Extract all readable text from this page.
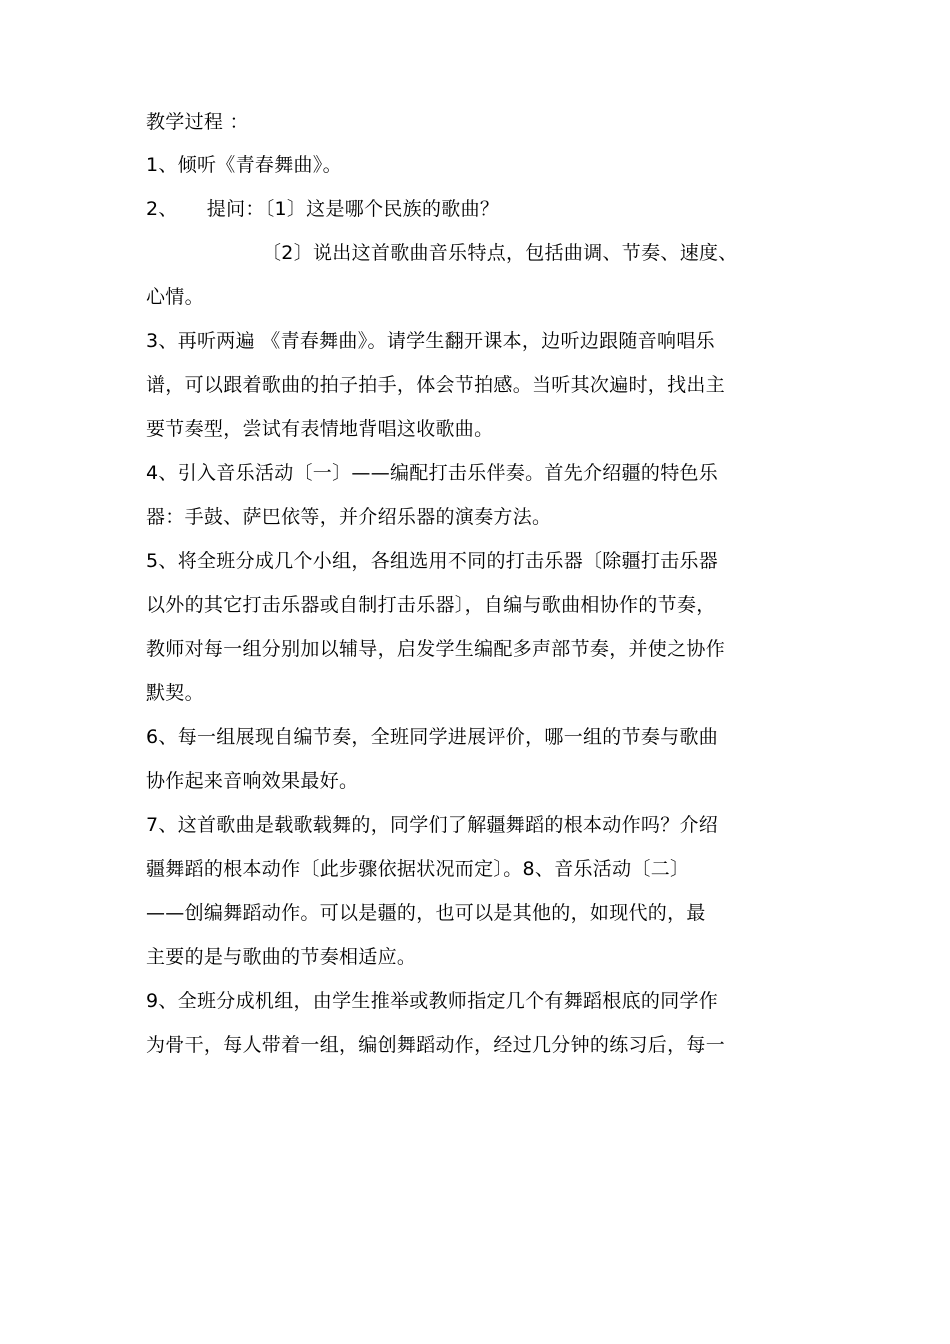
教学过程 ：
1、倾听《青春舞曲》。
2、　　提问：〔1〕这是哪个民族的歌曲？
〔2〕说出这首歌曲音乐特点，包括曲调、节奏、速度、
心情。
3、再听两遍 《青春舞曲》。请学生翻开课本，边听边跟随音响唱乐
谱，可以跟着歌曲的拍子拍手，体会节拍感。当听其次遍时，找出主
要节奏型，尝试有表情地背唱这收歌曲。
4、引入音乐活动〔一〕——编配打击乐伴奏。首先介绍疆的特色乐
器：手鼓、萨巴依等，并介绍乐器的演奏方法。
5、将全班分成几个小组，各组选用不同的打击乐器〔除疆打击乐器
以外的其它打击乐器或自制打击乐器〕，自编与歌曲相协作的节奏，
教师对每一组分别加以辅导，启发学生编配多声部节奏，并使之协作
默契。
6、每一组展现自编节奏，全班同学进展评价，哪一组的节奏与歌曲
协作起来音响效果最好。
7、这首歌曲是载歌载舞的，同学们了解疆舞蹈的根本动作吗？介绍
疆舞蹈的根本动作〔此步骤依据状况而定〕。8、音乐活动〔二〕
——创编舞蹈动作。可以是疆的，也可以是其他的，如现代的，最
主要的是与歌曲的节奏相适应。
9、全班分成机组，由学生推举或教师指定几个有舞蹈根底的同学作
为骨干，每人带着一组，编创舞蹈动作，经过几分钟的练习后，每一
